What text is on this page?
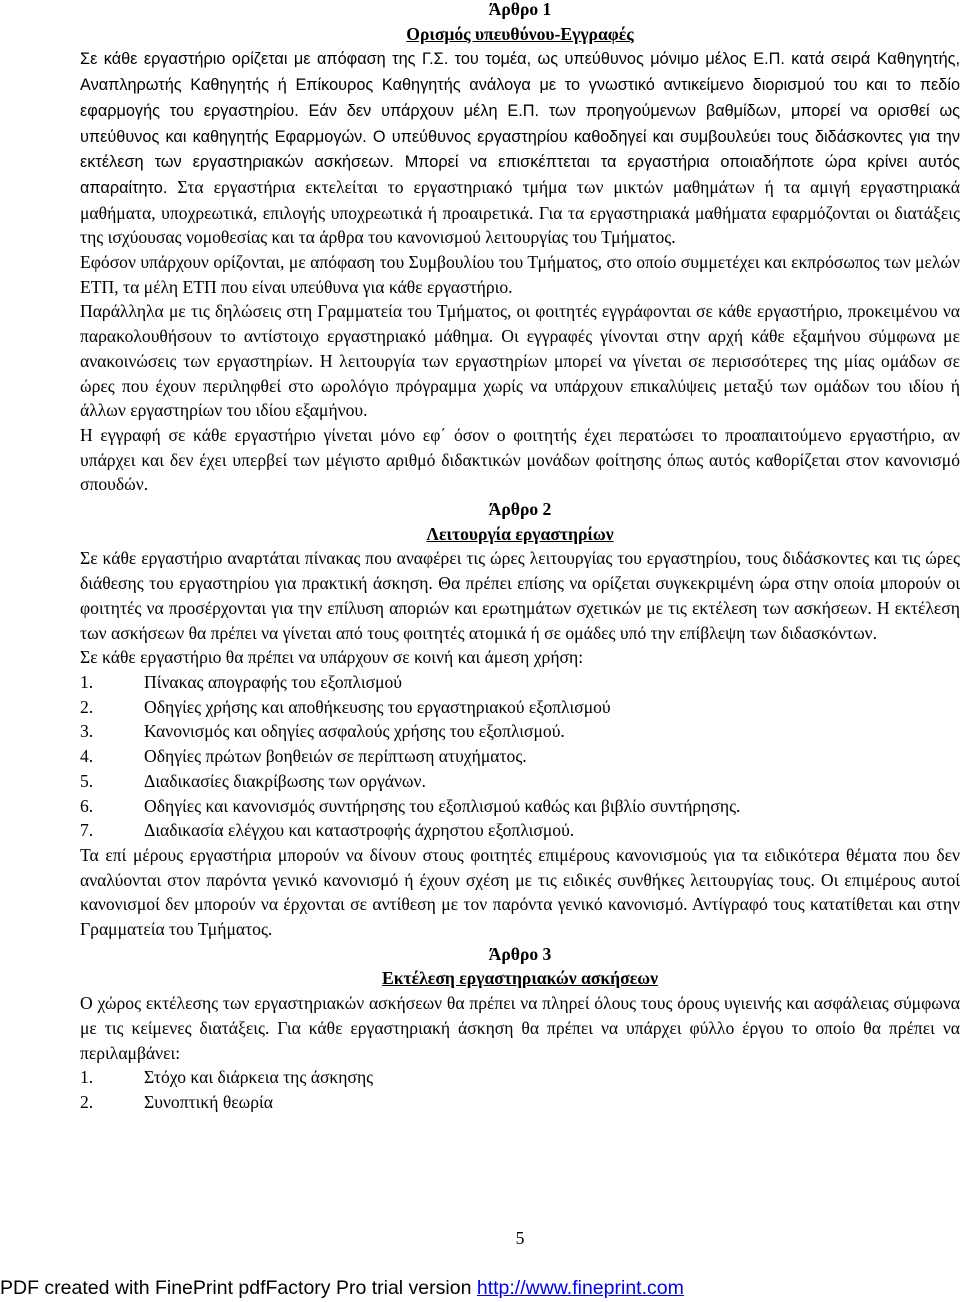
Άρθρο 1
Ορισμός υπευθύνου-Εγγραφές

Σε κάθε εργαστήριο ορίζεται με απόφαση της Γ.Σ. του τομέα, ως υπεύθυνος μόνιμο μέλος Ε.Π. κατά σειρά Καθηγητής, Αναπληρωτής Καθηγητής ή Επίκουρος Καθηγητής ανάλογα με το γνωστικό αντικείμενο διορισμού του και το πεδίο εφαρμογής του εργαστηρίου. Εάν δεν υπάρχουν μέλη Ε.Π. των προηγούμενων βαθμίδων, μπορεί να ορισθεί ως υπεύθυνος και καθηγητής Εφαρμογών. Ο υπεύθυνος εργαστηρίου καθοδηγεί και συμβουλεύει τους διδάσκοντες για την εκτέλεση των εργαστηριακών ασκήσεων. Μπορεί να επισκέπτεται τα εργαστήρια οποιαδήποτε ώρα κρίνει αυτός απαραίτητο. Στα εργαστήρια εκτελείται το εργαστηριακό τμήμα των μικτών μαθημάτων ή τα αμιγή εργαστηριακά μαθήματα, υποχρεωτικά, επιλογής υποχρεωτικά ή προαιρετικά. Για τα εργαστηριακά μαθήματα εφαρμόζονται οι διατάξεις της ισχύουσας νομοθεσίας και τα άρθρα του κανονισμού λειτουργίας του Τμήματος.

Εφόσον υπάρχουν ορίζονται, με απόφαση του Συμβουλίου του Τμήματος, στο οποίο συμμετέχει και εκπρόσωπος των μελών ΕΤΠ, τα μέλη ΕΤΠ που είναι υπεύθυνα για κάθε εργαστήριο.

Παράλληλα με τις δηλώσεις στη Γραμματεία του Τμήματος, οι φοιτητές εγγράφονται σε κάθε εργαστήριο, προκειμένου να παρακολουθήσουν το αντίστοιχο εργαστηριακό μάθημα. Οι εγγραφές γίνονται στην αρχή κάθε εξαμήνου σύμφωνα με ανακοινώσεις των εργαστηρίων. Η λειτουργία των εργαστηρίων μπορεί να γίνεται σε περισσότερες της μίας ομάδων σε ώρες που έχουν περιληφθεί στο ωρολόγιο πρόγραμμα χωρίς να υπάρχουν επικαλύψεις μεταξύ των ομάδων του ιδίου ή άλλων εργαστηρίων του ιδίου εξαμήνου.

Η εγγραφή σε κάθε εργαστήριο γίνεται μόνο εφ΄ όσον ο φοιτητής έχει περατώσει το προαπαιτούμενο εργαστήριο, αν υπάρχει και δεν έχει υπερβεί των μέγιστο αριθμό διδακτικών μονάδων φοίτησης όπως αυτός καθορίζεται στον κανονισμό σπουδών.

Άρθρο 2
Λειτουργία εργαστηρίων

Σε κάθε εργαστήριο αναρτάται πίνακας που αναφέρει τις ώρες λειτουργίας του εργαστηρίου, τους διδάσκοντες και τις ώρες διάθεσης του εργαστηρίου για πρακτική άσκηση. Θα πρέπει επίσης να ορίζεται συγκεκριμένη ώρα στην οποία μπορούν οι φοιτητές να προσέρχονται για την επίλυση αποριών και ερωτημάτων σχετικών με τις εκτέλεση των ασκήσεων. Η εκτέλεση των ασκήσεων θα πρέπει να γίνεται από τους φοιτητές ατομικά ή σε ομάδες υπό την επίβλεψη των διδασκόντων.

Σε κάθε εργαστήριο θα πρέπει να υπάρχουν σε κοινή και άμεση χρήση:

1.	Πίνακας απογραφής του εξοπλισμού
2.	Οδηγίες χρήσης και αποθήκευσης του εργαστηριακού εξοπλισμού
3.	Κανονισμός και οδηγίες ασφαλούς χρήσης του εξοπλισμού.
4.	Οδηγίες πρώτων βοηθειών σε περίπτωση ατυχήματος.
5.	Διαδικασίες διακρίβωσης των οργάνων.
6.	Οδηγίες και κανονισμός συντήρησης του εξοπλισμού καθώς και βιβλίο συντήρησης.
7.	Διαδικασία ελέγχου και καταστροφής άχρηστου εξοπλισμού.

Τα επί μέρους εργαστήρια μπορούν να δίνουν στους φοιτητές επιμέρους κανονισμούς για τα ειδικότερα θέματα που δεν αναλύονται στον παρόντα γενικό κανονισμό ή έχουν σχέση με τις ειδικές συνθήκες λειτουργίας τους. Οι επιμέρους αυτοί κανονισμοί δεν μπορούν να έρχονται σε αντίθεση με τον παρόντα γενικό κανονισμό. Αντίγραφό τους κατατίθεται και στην Γραμματεία του Τμήματος.

Άρθρο 3
Εκτέλεση εργαστηριακών ασκήσεων

Ο χώρος εκτέλεσης των εργαστηριακών ασκήσεων θα πρέπει να πληρεί όλους τους όρους υγιεινής και ασφάλειας σύμφωνα με τις κείμενες διατάξεις. Για κάθε εργαστηριακή άσκηση θα πρέπει να υπάρχει φύλλο έργου το οποίο θα πρέπει να περιλαμβάνει:

1.	Στόχο και διάρκεια της άσκησης
2.	Συνοπτική θεωρία
5
PDF created with FinePrint pdfFactory Pro trial version http://www.fineprint.com
